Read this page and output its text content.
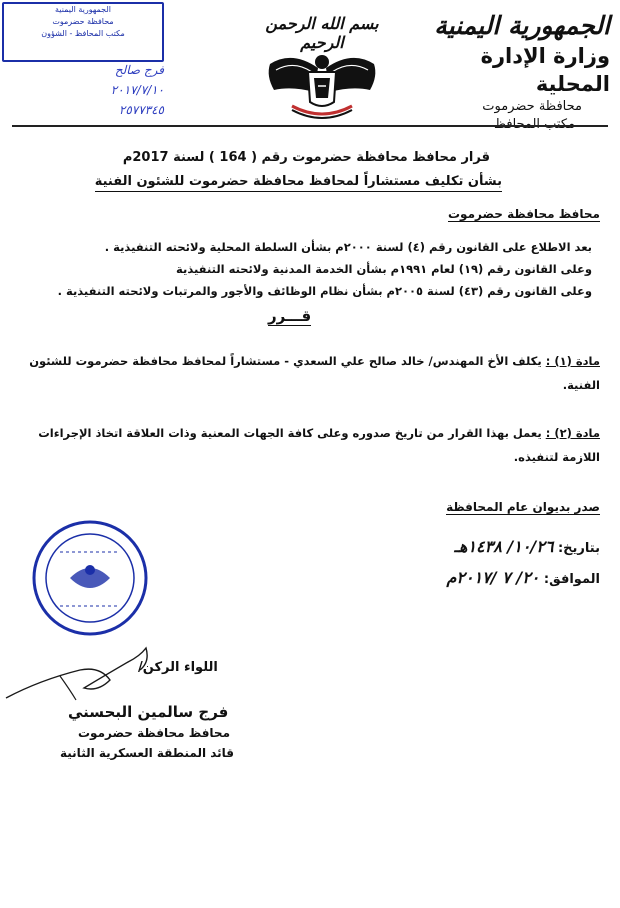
الجمهورية اليمنية
وزارة الإدارة المحلية
محافظة حضرموت
بسم الله الرحمن الرحيم
الجمهورية اليمنية
محافظة حضرموت
مكتب المحافظ - الشؤون
فرج صالح
٢٠١٧/٧/١٠
٢٥٧٧٣٤٥
قرار محافظ محافظة حضرموت رقم ( 164 ) لسنة 2017م
بشأن تكليف مستشاراً لمحافظ محافظة حضرموت للشئون الفنية
محافظ محافظة حضرموت
بعد الاطلاع على القانون رقم (٤) لسنة ٢٠٠٠م بشأن السلطة المحلية ولائحته التنفيذية .
وعلى القانون رقم (١٩) لعام ١٩٩١م بشأن الخدمة المدنية ولائحته التنفيذية
وعلى القانون رقم (٤٣) لسنة ٢٠٠٥م بشأن نظام الوظائف والأجور والمرتبات ولائحته التنفيذية .
قـــرر
مادة (١) : يكلف الأخ المهندس/ خالد صالح علي السعدي - مستشاراً لمحافظ محافظة حضرموت للشئون الفنية.
مادة (٢) : يعمل بهذا القرار من تاريخ صدوره وعلى كافة الجهات المعنية وذات العلاقة اتخاذ الإجراءات اللازمة لتنفيذه.
صدر بديوان عام المحافظة
بتاريخ: ١٠/٢٦/ ١٤٣٨هـ
الموافق: ٢٠/ ٧ /٢٠١٧م
اللواء الركن/
فرج سالمين البحسني
محافظ محافظة حضرموت
قائد المنطقة العسكرية الثانية
